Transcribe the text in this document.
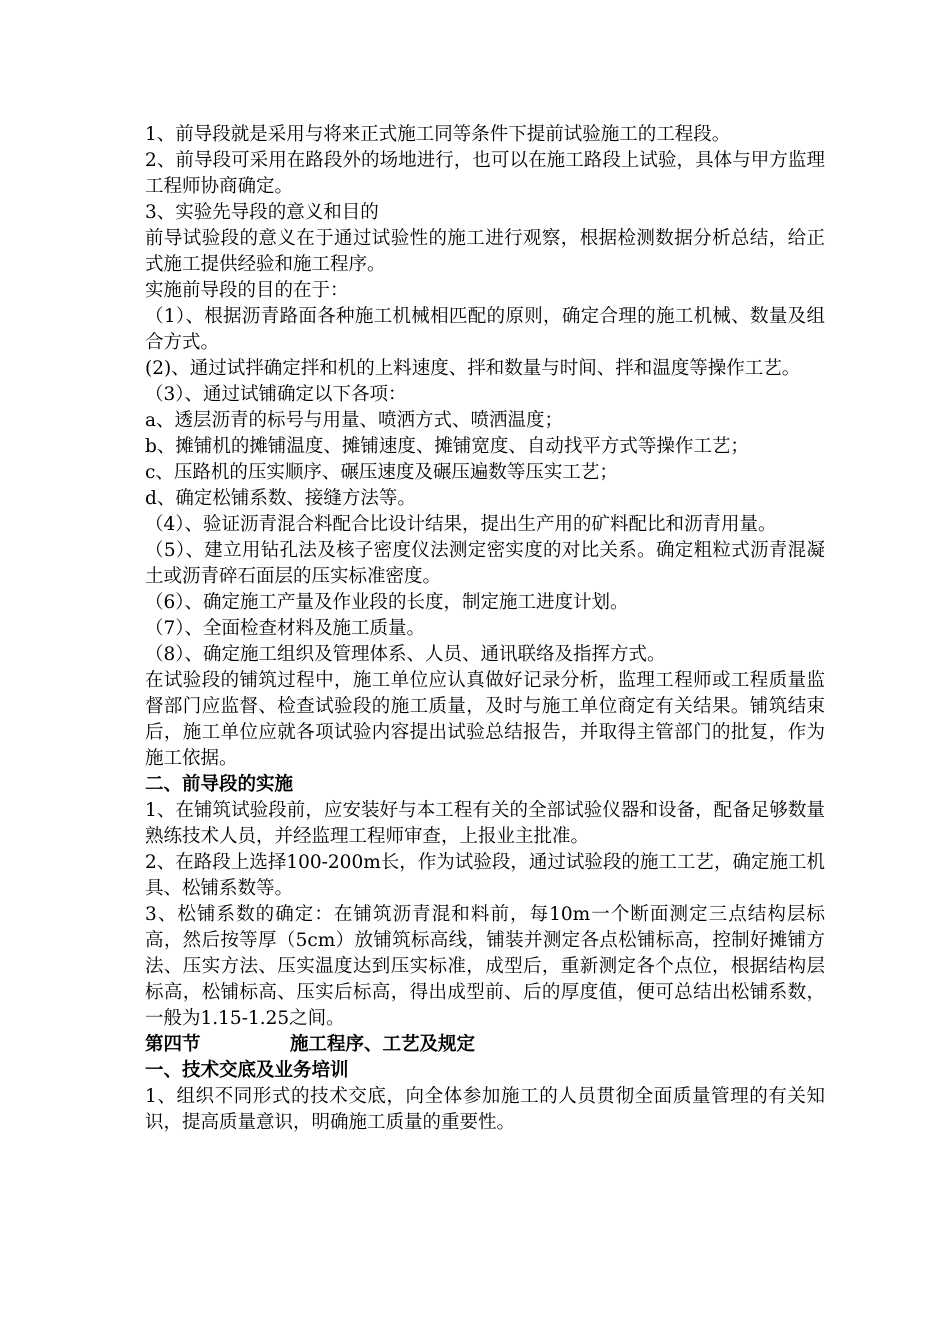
1、前导段就是采用与将来正式施工同等条件下提前试验施工的工程段。

2、前导段可采用在路段外的场地进行，也可以在施工路段上试验，具体与甲方监理工程师协商确定。

3、实验先导段的意义和目的

前导试验段的意义在于通过试验性的施工进行观察，根据检测数据分析总结，给正式施工提供经验和施工程序。

实施前导段的目的在于：

（1）、根据沥青路面各种施工机械相匹配的原则，确定合理的施工机械、数量及组合方式。

(2)、通过试拌确定拌和机的上料速度、拌和数量与时间、拌和温度等操作工艺。

（3）、通过试铺确定以下各项：

a、透层沥青的标号与用量、喷洒方式、喷洒温度；

b、摊铺机的摊铺温度、摊铺速度、摊铺宽度、自动找平方式等操作工艺；

c、压路机的压实顺序、碾压速度及碾压遍数等压实工艺；

d、确定松铺系数、接缝方法等。

（4）、验证沥青混合料配合比设计结果，提出生产用的矿料配比和沥青用量。

（5）、建立用钻孔法及核子密度仪法测定密实度的对比关系。确定粗粒式沥青混凝土或沥青碎石面层的压实标准密度。

（6）、确定施工产量及作业段的长度，制定施工进度计划。

（7）、全面检查材料及施工质量。

（8）、确定施工组织及管理体系、人员、通讯联络及指挥方式。

在试验段的铺筑过程中，施工单位应认真做好记录分析，监理工程师或工程质量监督部门应监督、检查试验段的施工质量，及时与施工单位商定有关结果。铺筑结束后，施工单位应就各项试验内容提出试验总结报告，并取得主管部门的批复，作为施工依据。

二、前导段的实施

1、在铺筑试验段前，应安装好与本工程有关的全部试验仪器和设备，配备足够数量熟练技术人员，并经监理工程师审查，上报业主批准。

2、在路段上选择100-200m长，作为试验段，通过试验段的施工工艺，确定施工机具、松铺系数等。

3、松铺系数的确定：在铺筑沥青混和料前，每10m一个断面测定三点结构层标高，然后按等厚（5cm）放铺筑标高线，铺装并测定各点松铺标高，控制好摊铺方法、压实方法、压实温度达到压实标准，成型后，重新测定各个点位，根据结构层标高，松铺标高、压实后标高，得出成型前、后的厚度值，便可总结出松铺系数，一般为1.15-1.25之间。

第四节	施工程序、工艺及规定
一、技术交底及业务培训

1、组织不同形式的技术交底，向全体参加施工的人员贯彻全面质量管理的有关知识，提高质量意识，明确施工质量的重要性。
